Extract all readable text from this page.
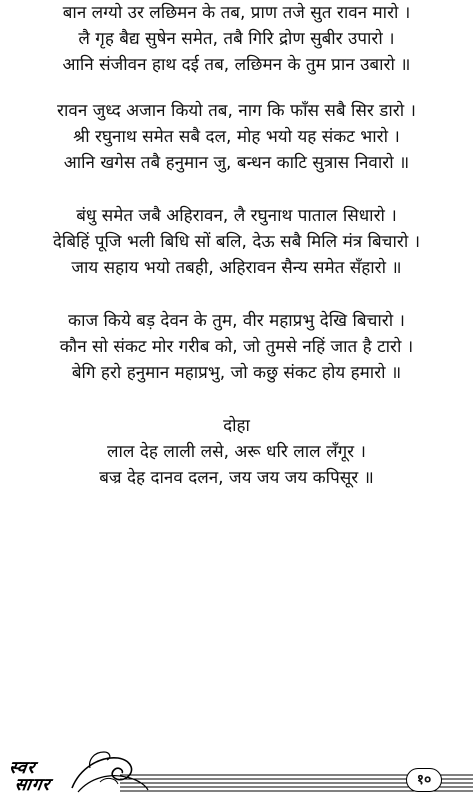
बान लग्यो उर लछिमन के तब, प्राण तजे सुत रावन मारो ।
लै गृह बैद्य सुषेन समेत, तबै गिरि द्रोण सुबीर उपारो ।
आनि संजीवन हाथ दई तब, लछिमन के तुम प्रान उबारो ॥
रावन जुध्द अजान कियो तब, नाग कि फाँस सबै सिर डारो ।
श्री रघुनाथ समेत सबै दल, मोह भयो यह संकट भारो ।
आनि खगेस तबै हनुमान जु, बन्धन काटि सुत्रास निवारो ॥
बंधु समेत जबै अहिरावन, लै रघुनाथ पाताल सिधारो ।
देबिहिं पूजि भली बिधि सों बलि, देऊ सबै मिलि मंत्र बिचारो ।
जाय सहाय भयो तबही, अहिरावन सैन्य समेत सँहारो ॥
काज किये बड़ देवन के तुम, वीर महाप्रभु देखि बिचारो ।
कौन सो संकट मोर गरीब को, जो तुमसे नहिं जात है टारो ।
बेगि हरो हनुमान महाप्रभु, जो कछु संकट होय हमारो ॥
दोहा
लाल देह लाली लसे, अरू धरि लाल लँगूर ।
बज्र देह दानव दलन, जय जय जय कपिसूर ॥
स्वर
सागर	१०
